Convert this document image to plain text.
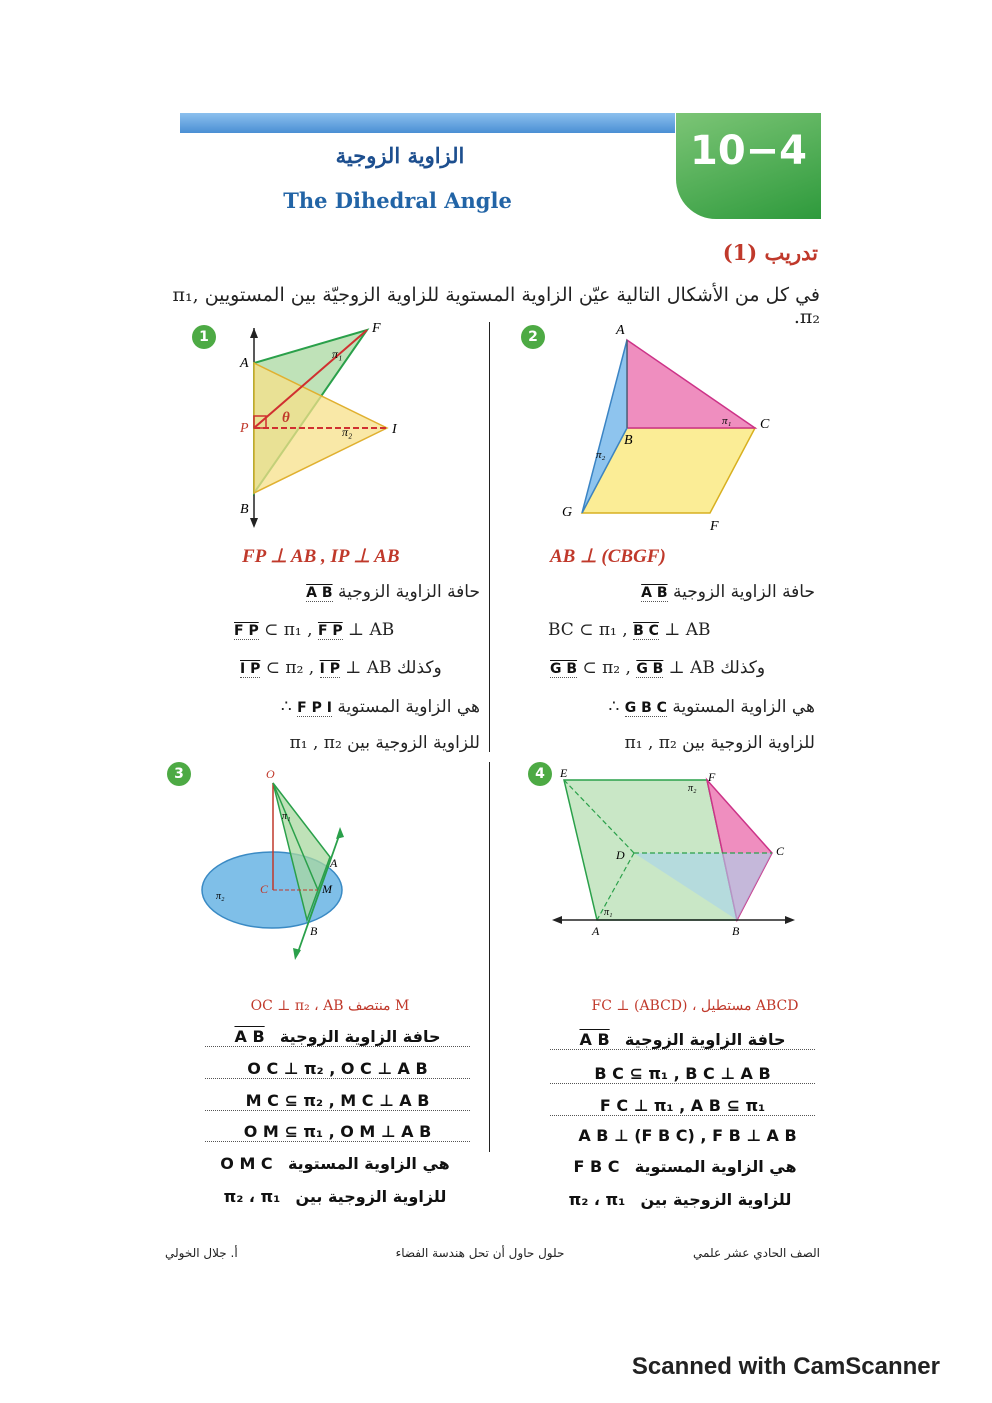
10−4
الزاوية الزوجية
The Dihedral Angle
تدريب (1)
في كل من الأشكال التالية عيّن الزاوية المستوية للزاوية الزوجيّة بين المستويين π₁, π₂.
1
A
F
P	I
B
θ
π₁
π₂
FP ⊥ AB , IP ⊥ AB
حافة الزاوية الزوجية A B
F P ⊂ π₁ , F P ⊥ AB
I P ⊂ π₂ , I P ⊥ AB وكذلك
∴ F P I هي الزاوية المستوية
للزاوية الزوجية بين π₁ , π₂
2	A
B
C
G
F
π₁
π₂
AB ⊥ (CBGF)
حافة الزاوية الزوجية A B
BC ⊂ π₁ , B C ⊥ AB
G B ⊂ π₂ , G B ⊥ AB وكذلك
∴ G B C هي الزاوية المستوية
للزاوية الزوجية بين π₁ , π₂
3	O
C	M
A
B
π₁
π₂
OC ⊥ π₂ ، AB منتصف M
حافة الزاوية الزوجية   A B
O C ⊥ π₂ , O C ⊥ A B
M C ⊆ π₂ , M C ⊥ A B
O M ⊆ π₁ , O M ⊥ A B
O M C هي الزاوية المستوية
π₂ ، π₁ للزاوية الزوجية بين
4	E	F
D	C
A	B
π₁
π₂
FC ⊥ (ABCD) ، مستطيل ABCD
حافة الزاوية الزوجية   A B
B C ⊆ π₁ , B C ⊥ A B
F C ⊥ π₁ , A B ⊆ π₁
A B ⊥ (F B C) , F B ⊥ A B
F B C هي الزاوية المستوية
π₂ ، π₁ للزاوية الزوجية بين
الصف الحادي عشر علمي
حلول حاول أن تحل هندسة الفضاء
أ. جلال الخولي
Scanned with CamScanner
